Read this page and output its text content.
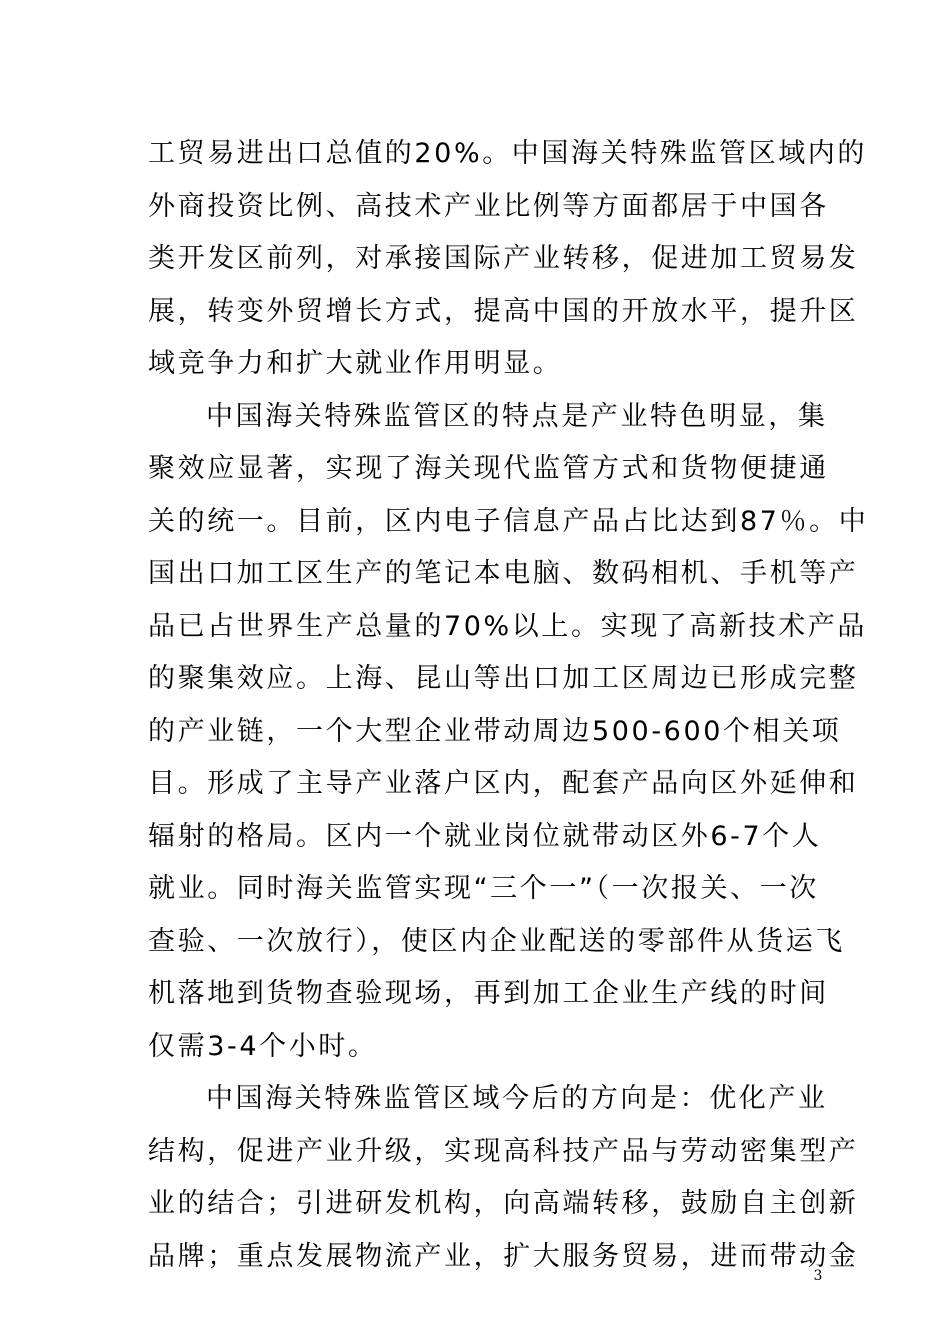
工贸易进出口总值的20%。中国海关特殊监管区域内的
外商投资比例、高技术产业比例等方面都居于中国各
类开发区前列，对承接国际产业转移，促进加工贸易发
展，转变外贸增长方式，提高中国的开放水平，提升区
域竞争力和扩大就业作用明显。
中国海关特殊监管区的特点是产业特色明显，集
聚效应显著，实现了海关现代监管方式和货物便捷通
关的统一。目前，区内电子信息产品占比达到87％。中
国出口加工区生产的笔记本电脑、数码相机、手机等产
品已占世界生产总量的70%以上。实现了高新技术产品
的聚集效应。上海、昆山等出口加工区周边已形成完整
的产业链，一个大型企业带动周边500-600个相关项
目。形成了主导产业落户区内，配套产品向区外延伸和
辐射的格局。区内一个就业岗位就带动区外6-7个人
就业。同时海关监管实现“三个一”（一次报关、一次
查验、一次放行），使区内企业配送的零部件从货运飞
机落地到货物查验现场，再到加工企业生产线的时间
仅需3-4个小时。
中国海关特殊监管区域今后的方向是：优化产业
结构，促进产业升级，实现高科技产品与劳动密集型产
业的结合；引进研发机构，向高端转移，鼓励自主创新
品牌；重点发展物流产业，扩大服务贸易，进而带动金
3
